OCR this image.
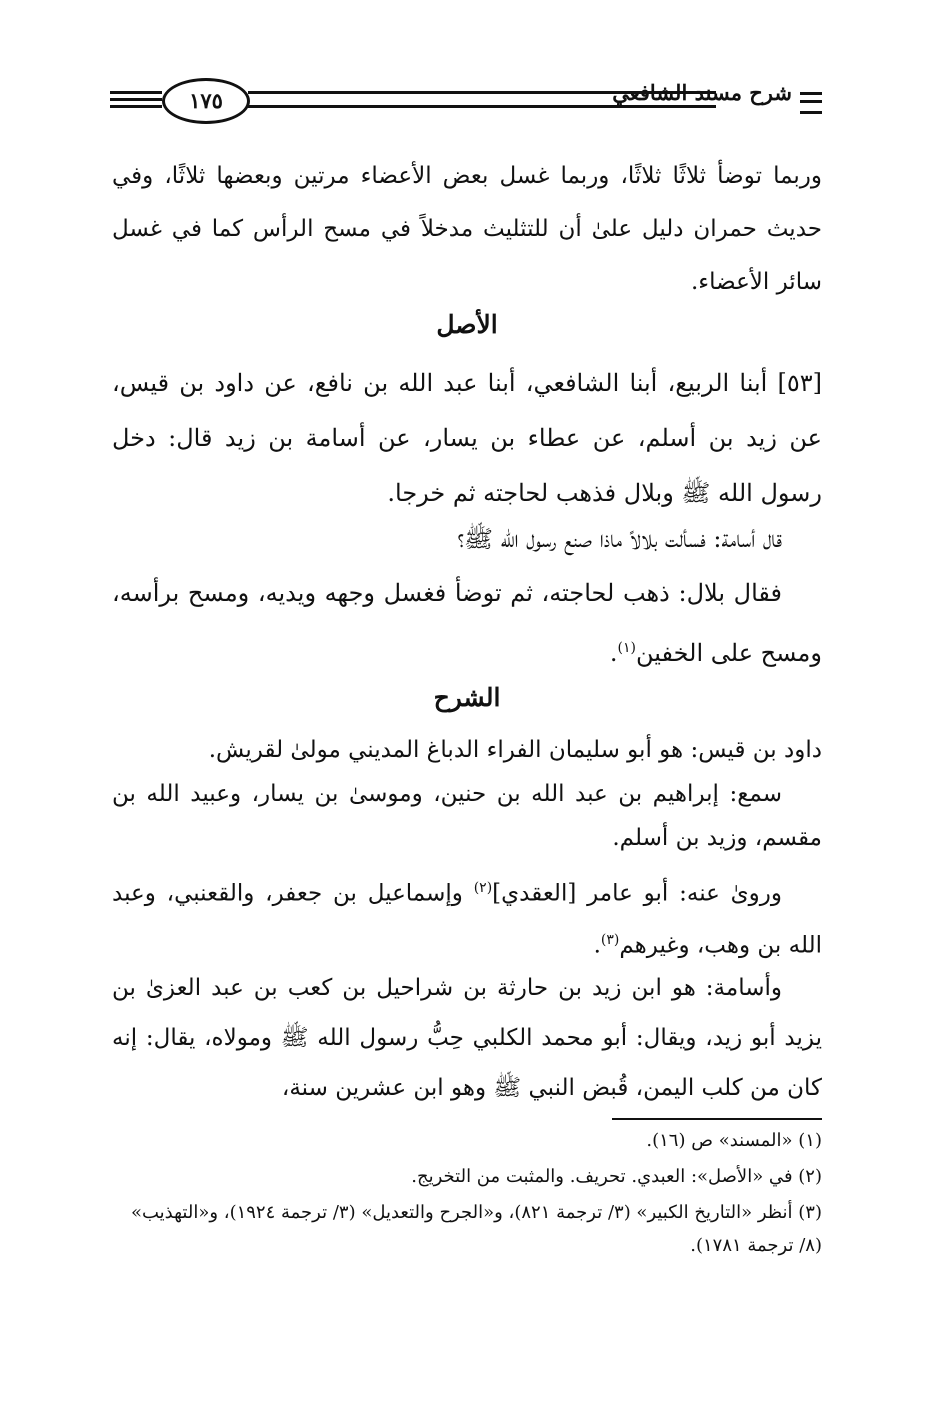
١٧٥	شرح مسند الشافعي
وربما توضأ ثلاثًا ثلاثًا، وربما غسل بعض الأعضاء مرتين وبعضها ثلاثًا، وفي حديث حمران دليل علىٰ أن للتثليث مدخلاً في مسح الرأس كما في غسل سائر الأعضاء.
الأصل
[٥٣] أبنا الربيع، أبنا الشافعي، أبنا عبد الله بن نافع، عن داود بن قيس، عن زيد بن أسلم، عن عطاء بن يسار، عن أسامة بن زيد قال: دخل رسول الله ﷺ وبلال فذهب لحاجته ثم خرجا.
قال أسامة: فسألت بلالاً ماذا صنع رسول الله ﷺ؟
فقال بلال: ذهب لحاجته، ثم توضأ فغسل وجهه ويديه، ومسح برأسه، ومسح على الخفين$^{(١)}$.
الشرح
داود بن قيس: هو أبو سليمان الفراء الدباغ المديني مولىٰ لقريش.
سمع: إبراهيم بن عبد الله بن حنين، وموسىٰ بن يسار، وعبيد الله بن مقسم، وزيد بن أسلم.
وروىٰ عنه: أبو عامر [العقدي]$^{(٢)}$ وإسماعيل بن جعفر، والقعنبي، وعبد الله بن وهب، وغيرهم$^{(٣)}$.
وأسامة: هو ابن زيد بن حارثة بن شراحيل بن كعب بن عبد العزىٰ بن يزيد أبو زيد، ويقال: أبو محمد الكلبي حِبُّ رسول الله ﷺ ومولاه، يقال: إنه كان من كلب اليمن، قُبض النبي ﷺ وهو ابن عشرين سنة،
(١) «المسند» ص (١٦).
(٢) في «الأصل»: العبدي. تحريف. والمثبت من التخريج.
(٣) أنظر «التاريخ الكبير» (٣/ ترجمة ٨٢١)، و«الجرح والتعديل» (٣/ ترجمة ١٩٢٤)، و«التهذيب» (٨/ ترجمة ١٧٨١).
